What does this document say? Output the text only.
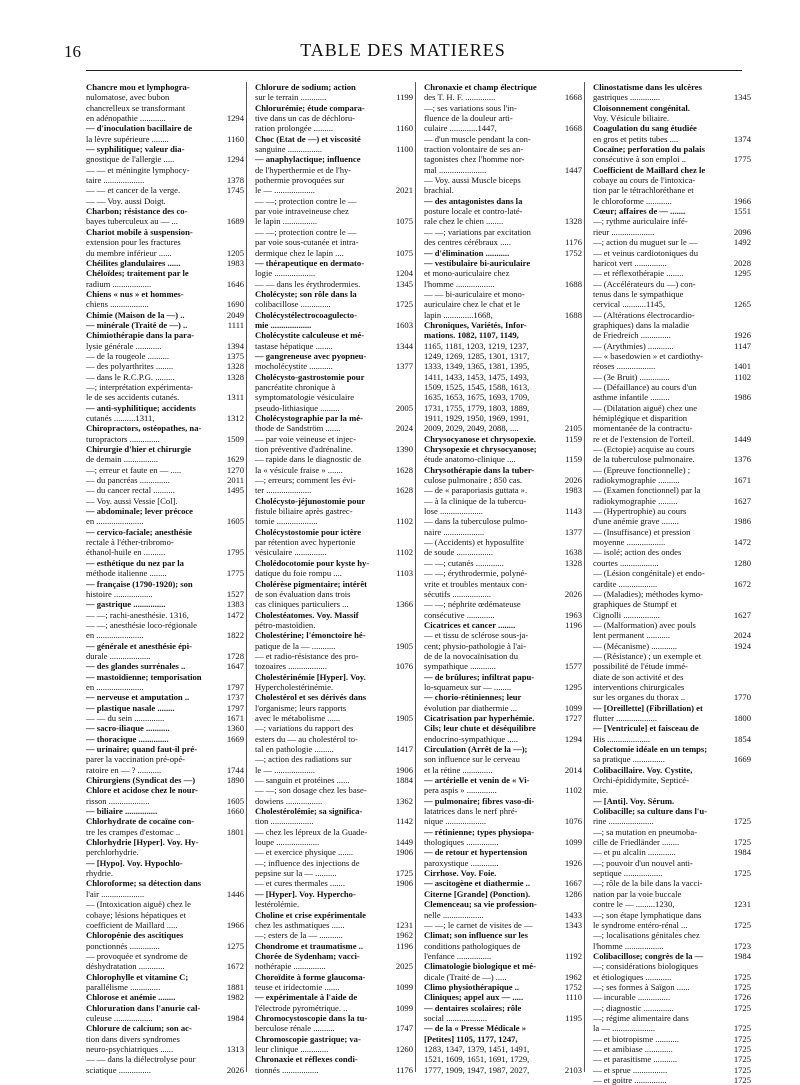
16	TABLE DES MATIERES
Chancre mou et lymphogra-
nulomatose, avec bubon
chancrelleux se transformant
en adénopathie ............	1294
— d'inoculation bacillaire de
la lèvre supérieure ........	1160
— syphilitique; valeur dia-
gnostique de l'allergie .....	1294
— — et méningite lymphocy-
taire ...................	1378
— — et cancer de la verge.	1745
— — Voy. aussi Doigt.
Charbon; résistance des co-
bayes tuberculeux au — ...	1689
Chariot mobile à suspension-
extension pour les fractures
du membre inférieur ......	1205
Chéilites glandulaires ......	1983
Chéloïdes; traitement par le
radium ..................	1646
Chiens « nus » et hommes-
chiens ..................	1690
Chimie (Maison de la —) ..	2049
— minérale (Traité de —) ..	1111
Chimiothérapie dans la para-
lysie générale ............	1394
— de la rougeole ..........	1375
— des polyarthrites ........	1328
— dans le R.C.P.G. .........	1328
—; interprétation expérimenta-
le de ses accidents cutanés.	1311
— anti-syphilitique; accidents
cutanés ..........1311,	1312
Chiropractors, ostéopathes, na-
turopractors ..............	1509
Chirurgie d'hier et chirurgie
de demain ................	1629
—; erreur et faute en — .....	1270
— du pancréas ..............	2011
— du cancer rectal ..........	1495
— Voy. aussi Vessie [Col].
— abdominale; lever précoce
en ......................	1605
— cervico-faciale; anesthésie
rectale à l'éther-tribromo-
éthanol-huile en ..........	1795
— esthétique du nez par la
méthode italienne ........	1775
— française (1790-1920); son
histoire ..................	1527
— gastrique ...............	1383
— —; rachi-anesthésie. 1316,	1472
— —; anesthésie loco-régionale
en ......................	1822
— générale et anesthésie épi-
durale ...................	1728
— des glandes surrénales ..	1647
— mastoïdienne; temporisation
en ......................	1797
— nerveuse et amputation ..	1737
— plastique nasale ........	1797
— — du sein ..............	1671
— sacro-iliaque ...........	1360
— thoracique ..............	1669
— urinaire; quand faut-il pré-
parer la vaccination pré-opé-
ratoire en — ? ...........	1744
Chirurgiens (Syndicat des —)	1890
Chlore et acidose chez le nour-
risson ...................	1605
— biliaire ...............	1660
Chlorhydrate de cocaïne con-
tre les crampes d'estomac ..	1801
Chlorhydrie [Hyper]. Voy. Hy-
perchlorhydrie.
— [Hypo]. Voy. Hypochlo-
rhydrie.
Chloroforme; sa détection dans
l'air ....................	1446
— (Intoxication aiguë) chez le
cobaye; lésions hépatiques et
coefficient de Maillard .....	1966
Chloropénie des ascitiques
ponctionnés ..............	1275
— provoquée et syndrome de
déshydratation ............	1672
Chlorophylle et vitamine C;
parallélisme ..............	1881
Chlorose et anémie ........	1982
Chloruration dans l'anurie cal-
culeuse ..................	1984
Chlorure de calcium; son ac-
tion dans divers syndromes
neuro-psychiatriques ......	1313
— — dans la diélectrolyse pour
sciatique ...............	2026
Chlorure de sodium; action
sur le terrain ............	1199
Chlorurémie; étude compara-
tive dans un cas de déchloru-
ration prolongée .........	1160
Choc (Etat de —) et viscosité
sanguine ................	1100
— anaphylactique; influence
de l'hyperthermie et de l'hy-
pothermie provoquées sur
le — ...................	2021
— —; protection contre le —
par voie intraveineuse chez
le lapin ................	1075
— —; protection contre le —
par voie sous-cutanée et intra-
dermique chez le lapin ....	1075
— thérapeutique en dermato-
logie ...................	1204
— — dans les érythrodermies.	1345
Cholécyste; son rôle dans la
colibacillose ..............	1725
Cholécystélectrocoagulecto-
mie ...................	1603
Cholécystite calculeuse et mé-
tastase hépatique ........	1344
— gangreneuse avec pyopneu-
mocholécystite ...........	1377
Cholécysto-gastrostomie pour
pancréatite chronique à
symptomatologie vésiculaire
pseudo-lithiasique .........	2005
Cholécystographie par la mé-
thode de Sandström .......	2024
— par voie veineuse et injec-
tion préventive d'adrénaline.	1390
— rapide dans le diagnostic de
la « vésicule fraise » .......	1628
—; erreurs; comment les évi-
ter .....................	1628
Cholécysto-jéjunostomie pour
fistule biliaire après gastrec-
tomie ...................	1102
Cholécystostomie pour ictère
par rétention avec hypertonie
vésiculaire ...............	1102
Cholédocotomie pour kyste hy-
datique du foie rompu ....	1103
Cholérèse pigmentaire; intérêt
de son évaluation dans trois
cas cliniques particuliers ...	1366
Cholestéatomes. Voy. Massif
pétro-mastoïdien.
Cholestérine; l'émonctoire hé-
patique de la — ...........	1905
— et radio-résistance des pro-
tozoaires ..................	1076
Cholestérinémie [Hyper]. Voy.
Hypercholestérinémie.
Cholestérol et ses dérivés dans
l'organisme; leurs rapports
avec le métabolisme ......	1905
—; variations du rapport des
esters du — au cholestérol to-
tal en pathologie .........	1417
—; action des radiations sur
le — ...................	1906
— sanguin et protéines ......	1884
— —; son dosage chez les base-
dowiens .................	1362
Cholestérolémie; sa significa-
tion ....................	1142
— chez les lépreux de la Guade-
loupe ....................	1449
— et exercice physique .......	1906
—; influence des injections de
pepsine sur la — ..........	1725
— et cures thermales .......	1906
— [Hyper]. Voy. Hypercho-
lestérolémie.
Choline et crise expérimentale
chez les asthmatiques ......	1231
—; esters de la — ...........	1962
Chondrome et traumatisme ..	1196
Chorée de Sydenham; vacci-
nothérapie ...............	2025
Choroïdite à forme glaucoma-
teuse et iridectomie .......	1099
— expérimentale à l'aide de
l'électrode pyrométrique. ..	1099
Chromocystoscopie dans la tu-
berculose rénale ..........	1747
Chromoscopie gastrique; va-
leur clinique .............	1260
Chronaxie et réflexes condi-
tionnés .................	1176
Chronaxie et champ électrique
des T. H. F. ..............	1668
—; ses variations sous l'in-
fluence de la douleur arti-
culaire .............1447,	1668
— d'un muscle pendant la con-
traction volontaire de ses an-
tagonistes chez l'homme nor-
mal ......................	1447
— Voy. aussi Muscle biceps
brachial.
— des antagonistes dans la
posture locale et contro-laté-
rale chez le chien ........	1328
— —; variations par excitation
des centres cérébraux .....	1176
— d'élimination ...........	1752
— vestibulaire bi-auriculaire
et mono-auriculaire chez
l'homme ..................	1688
— — bi-auriculaire et mono-
auriculaire chez le chat et le
lapin ..............1668,	1688
Chroniques, Variétés, Infor-
mations. 1082, 1107, 1149,
1165, 1181, 1203, 1219, 1237,
1249, 1269, 1285, 1301, 1317,
1333, 1349, 1365, 1381, 1395,
1411, 1433, 1453, 1475, 1493,
1509, 1525, 1545, 1588, 1613,
1635, 1653, 1675, 1693, 1709,
1731, 1755, 1779, 1803, 1889,
1911, 1929, 1950, 1969, 1991,
2009, 2029, 2049, 2088, ....	2105
Chrysocyanose et chrysopexie.	1159
Chrysopexie et chrysocyanose;
étude anatomo-clinique ....	1159
Chrysothérapie dans la tuber-
culose pulmonaire ; 850 cas.	2026
— de « paraporiasis guttata ».	1983
— à la clinique de la tubercu-
lose ....................	1143
— dans la tuberculose pulmo-
naire ...................	1377
— (Accidents) et hyposulfite
de soude .................	1638
— —; cutanés .............	1328
— —; érythrodermie, polyné-
vrite et troubles mentaux con-
sécutifs ..................	2026
— —; néphrite œdémateuse
consécutive .............	1963
Cicatrices et cancer ........	1196
— et tissu de sclérose sous-ja-
cent; physio-pathologie à l'ai-
de de la novocaïnisation du
sympathique ............	1577
— de brûlures; infiltrat papu-
lo-squameux sur — ........	1295
— chorio-rétiniennes; leur
évolution par diathermie ...	1099
Cicatrisation par hyperhémie.	1727
Cils; leur chute et déséquilibre
endocrino-sympathique .....	1294
Circulation (Arrêt de la —);
son influence sur le cerveau
et la rétine ..............	2014
— artérielle et venin de « Vi-
pera aspis » ..............	1102
— pulmonaire; fibres vaso-di-
latatrices dans le nerf phré-
nique ...................	1076
— rétinienne; types physiopa-
thologiques ...............	1099
— de retour et hypertension
paroxystique .............	1926
Cirrhose. Voy. Foie.
— ascitogène et diathermie ..	1667
Citerne [Grande] (Ponction).	1286
Clemenceau; sa vie profession-
nelle ...................	1433
— —; le carnet de visites de —	1343
Climat; son influence sur les
conditions pathologiques de
l'enfance ................	1192
Climatologie biologique et mé-
dicale (Traité de —) .....	1962
Climo physiothérapique ..	1752
Cliniques; appel aux — .....	1110
— dentaires scolaires; rôle
social ...................	1195
— de la « Presse Médicale »
[Petites] 1105, 1177, 1247,
1283, 1347, 1379, 1451, 1491,
1521, 1609, 1651, 1691, 1729,
1777, 1909, 1947, 1987, 2027,	2103
Clinostatisme dans les ulcères
gastriques ..............	1345
Cloisonnement congénital.
Voy. Vésicule biliaire.
Coagulation du sang étudiée
en gros et petits tubes ....	1374
Cocaïne; perforation du palais
consécutive à son emploi ..	1775
Coefficient de Maillard chez le
cobaye au cours de l'intoxica-
tion par le tétrachloréthane et
le chloroforme ............	1966
Cœur; affaires de — .......	1551
—; rythme auriculaire infé-
rieur ....................	2096
—; action du muguet sur le —	1492
— et veinus cardiotoniques du
haricot vert ...............	2028
— et réflexothérapie ........	1295
— (Accélérateurs du —) con-
tenus dans le sympathique
cervical ...........1145,	1265
— (Altérations électrocardio-
graphiques) dans la maladie
de Friedreich ..............	1926
— (Arythmies) ............	1147
— « basedowien » et cardiothy-
réoses ..................	1401
— (3e Bruit) ..............	1102
— (Défaillance) au cours d'un
asthme infantile .........	1986
— (Dilatation aiguë) chez une
hémiplégique et disparition
momentanée de la contractu-
re et de l'extension de l'orteil.	1449
— (Ectopie) acquise au cours
de la tuberculose pulmonaire.	1376
— (Epreuve fonctionnelle) ;
radiokymographie ..........	1671
— (Examen fonctionnel) par la
radiokymographie .........	1627
— (Hypertrophie) au cours
d'une anémie grave ........	1986
— (Insuffisance) et pression
moyenne ..................	1472
— isolé; action des ondes
courtes ..................	1280
— (Lésion congénitale) et endo-
cardite ..................	1672
— (Maladies); méthodes kymo-
graphiques de Stumpf et
Cignolli .................	1627
— (Malformation) avec pouls
lent permanent ...........	2024
— (Mécanisme) ............	1924
— (Résistance) ; un exemple et
possibilité de l'étude immé-
diate de son activité et des
interventions chirurgicales
sur les organes du thorax ..	1770
— [Oreillette] (Fibrillation) et
flutter ...................	1800
— [Ventricule] et faisceau de
His ....................	1854
Colectomie idéale en un temps;
sa pratique ...............	1669
Colibacillaire. Voy. Cystite,
Orchi-épididymite, Septicé-
mie.
— [Anti]. Voy. Sérum.
Colibacille; sa culture dans l'u-
rine .....................	1725
—; sa mutation en pneumoba-
cille de Friedländer ........	1725
— et pu alcalin .............	1984
—; pouvoir d'un nouvel anti-
septique ..................	1725
—; rôle de la bile dans la vacci-
nation par la voie buccale
contre le — .........1230,	1231
—; son étape lymphatique dans
le syndrome entéro-rénal ...	1725
—; localisations génitales chez
l'homme ..................	1723
Colibacillose; congrès de la —	1984
—; considérations biologiques
et étiologiques ............	1725
—; ses formes à Saïgon ......	1725
— incurable ...............	1726
—; diagnostic ..............	1725
—; régime alimentaire dans
la — ....................	1725
— et biotropisme ...........	1725
— et amibiase .............	1725
— et parasitisme ...........	1725
— et sprue ................	1725
— et goitre ...............	1725
